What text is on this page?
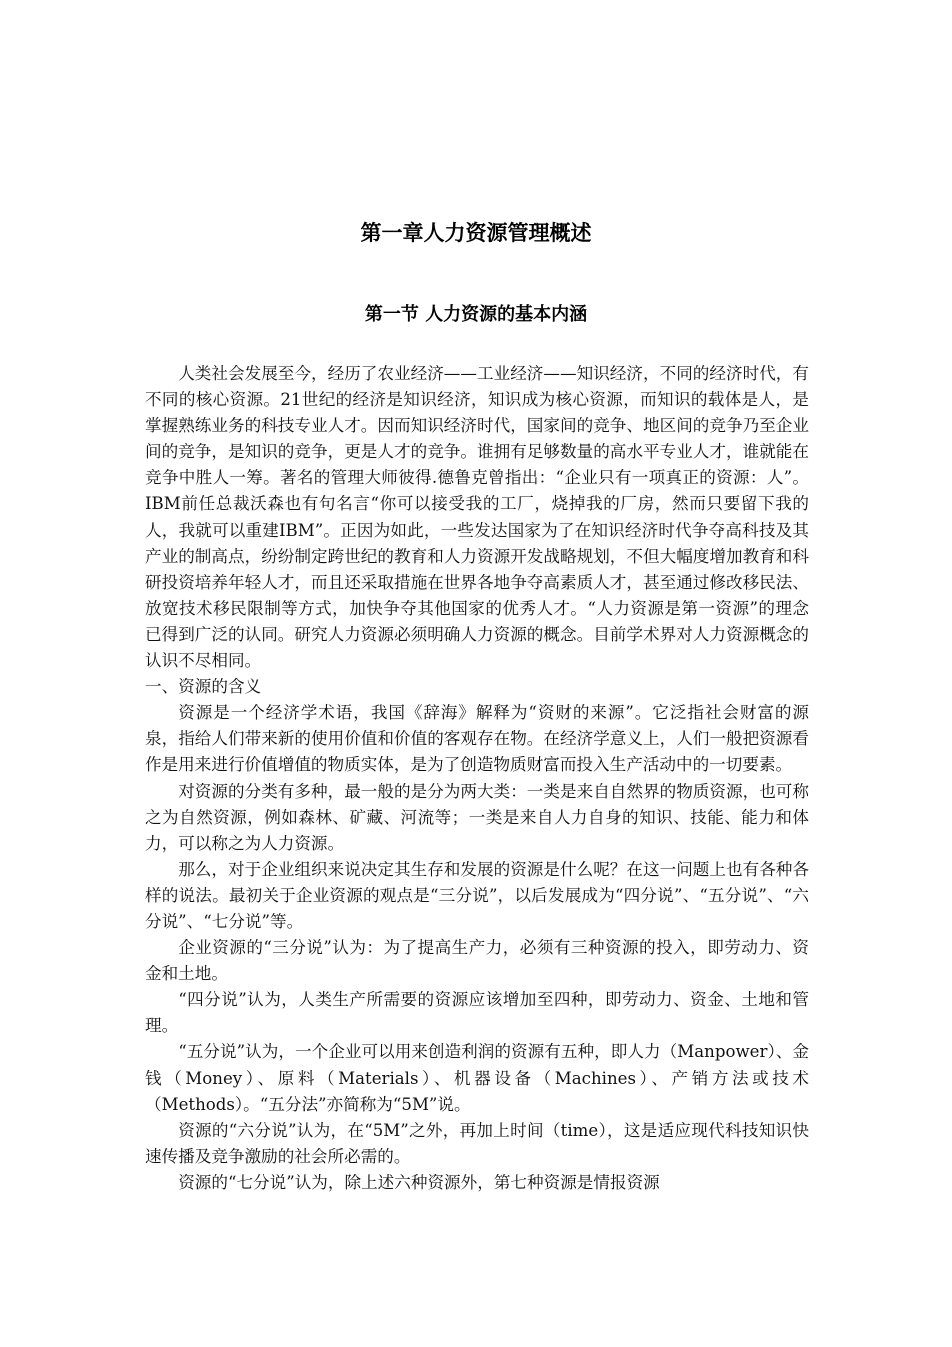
第一章人力资源管理概述
第一节 人力资源的基本内涵

人类社会发展至今，经历了农业经济——工业经济——知识经济，不同的经济时代，有不同的核心资源。21世纪的经济是知识经济，知识成为核心资源，而知识的载体是人，是掌握熟练业务的科技专业人才。因而知识经济时代，国家间的竞争、地区间的竞争乃至企业间的竞争，是知识的竞争，更是人才的竞争。谁拥有足够数量的高水平专业人才，谁就能在竞争中胜人一筹。著名的管理大师彼得.德鲁克曾指出：“企业只有一项真正的资源：人”。IBM前任总裁沃森也有句名言“你可以接受我的工厂，烧掉我的厂房，然而只要留下我的人，我就可以重建IBM”。正因为如此，一些发达国家为了在知识经济时代争夺高科技及其产业的制高点，纷纷制定跨世纪的教育和人力资源开发战略规划，不但大幅度增加教育和科研投资培养年轻人才，而且还采取措施在世界各地争夺高素质人才，甚至通过修改移民法、放宽技术移民限制等方式，加快争夺其他国家的优秀人才。“人力资源是第一资源”的理念已得到广泛的认同。研究人力资源必须明确人力资源的概念。目前学术界对人力资源概念的认识不尽相同。

一、资源的含义

资源是一个经济学术语，我国《辞海》解释为“资财的来源”。它泛指社会财富的源泉，指给人们带来新的使用价值和价值的客观存在物。在经济学意义上，人们一般把资源看作是用来进行价值增值的物质实体，是为了创造物质财富而投入生产活动中的一切要素。

对资源的分类有多种，最一般的是分为两大类：一类是来自自然界的物质资源，也可称之为自然资源，例如森林、矿藏、河流等；一类是来自人力自身的知识、技能、能力和体力，可以称之为人力资源。

那么，对于企业组织来说决定其生存和发展的资源是什么呢？在这一问题上也有各种各样的说法。最初关于企业资源的观点是“三分说”，以后发展成为“四分说”、“五分说”、“六分说”、“七分说”等。

企业资源的“三分说”认为：为了提高生产力，必须有三种资源的投入，即劳动力、资金和土地。

“四分说”认为，人类生产所需要的资源应该增加至四种，即劳动力、资金、土地和管理。

“五分说”认为，一个企业可以用来创造利润的资源有五种，即人力（Manpower）、金钱（Money）、原料（Materials）、机器设备（Machines）、产销方法或技术（Methods）。“五分法”亦简称为“5M”说。

资源的“六分说”认为，在“5M”之外，再加上时间（time），这是适应现代科技知识快速传播及竞争激励的社会所必需的。

资源的“七分说”认为，除上述六种资源外，第七种资源是情报资源
